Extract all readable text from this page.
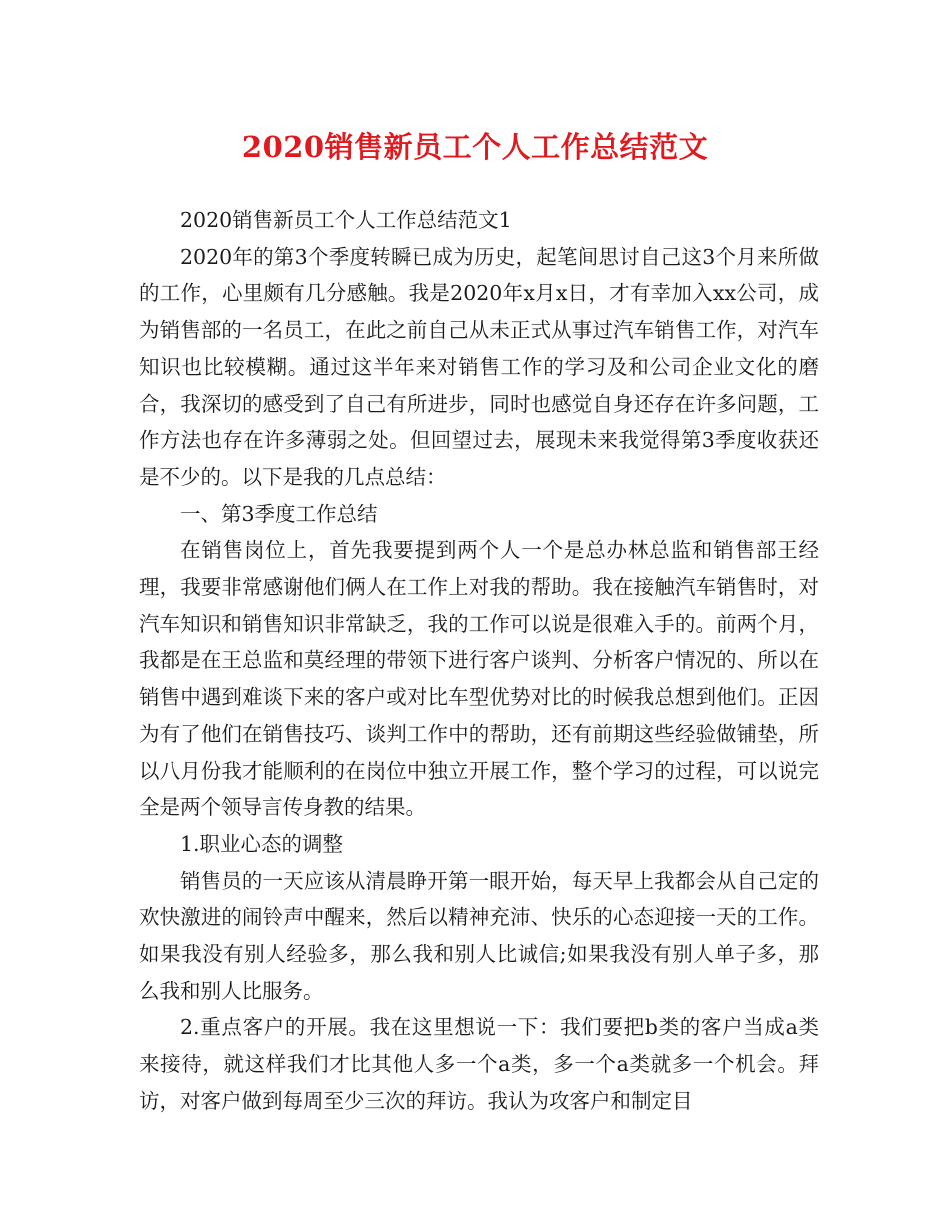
2020销售新员工个人工作总结范文

2020销售新员工个人工作总结范文1

2020年的第3个季度转瞬已成为历史，起笔间思讨自己这3个月来所做的工作，心里颇有几分感触。我是2020年x月x日，才有幸加入xx公司，成为销售部的一名员工，在此之前自己从未正式从事过汽车销售工作，对汽车知识也比较模糊。通过这半年来对销售工作的学习及和公司企业文化的磨合，我深切的感受到了自己有所进步，同时也感觉自身还存在许多问题，工作方法也存在许多薄弱之处。但回望过去，展现未来我觉得第3季度收获还是不少的。以下是我的几点总结：

一、第3季度工作总结

在销售岗位上，首先我要提到两个人一个是总办林总监和销售部王经理，我要非常感谢他们俩人在工作上对我的帮助。我在接触汽车销售时，对汽车知识和销售知识非常缺乏，我的工作可以说是很难入手的。前两个月，我都是在王总监和莫经理的带领下进行客户谈判、分析客户情况的、所以在销售中遇到难谈下来的客户或对比车型优势对比的时候我总想到他们。正因为有了他们在销售技巧、谈判工作中的帮助，还有前期这些经验做铺垫，所以八月份我才能顺利的在岗位中独立开展工作，整个学习的过程，可以说完全是两个领导言传身教的结果。

1.职业心态的调整

销售员的一天应该从清晨睁开第一眼开始，每天早上我都会从自己定的欢快激进的闹铃声中醒来，然后以精神充沛、快乐的心态迎接一天的工作。如果我没有别人经验多，那么我和别人比诚信;如果我没有别人单子多，那么我和别人比服务。

2.重点客户的开展。我在这里想说一下：我们要把b类的客户当成a类来接待，就这样我们才比其他人多一个a类，多一个a类就多一个机会。拜访，对客户做到每周至少三次的拜访。我认为攻客户和制定目
